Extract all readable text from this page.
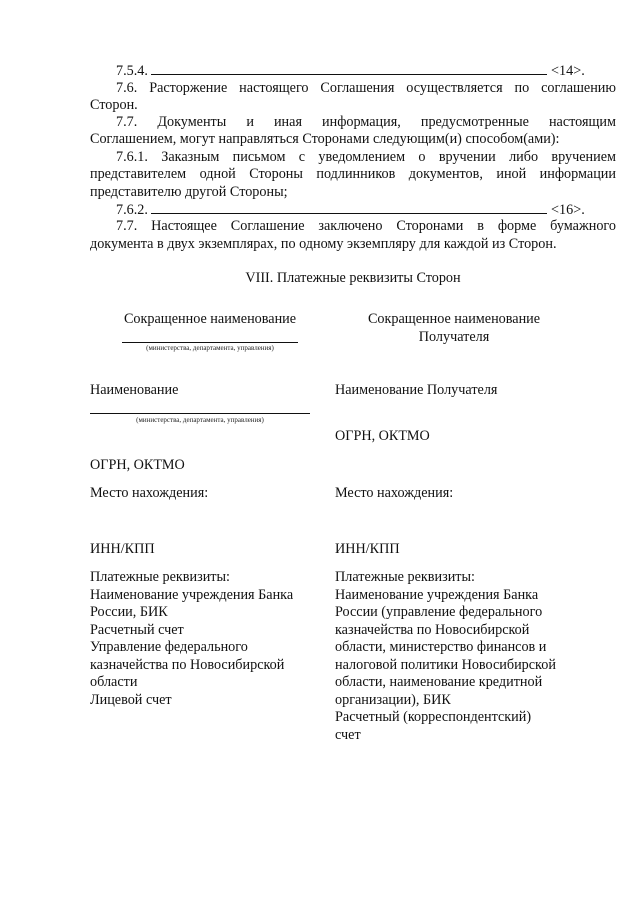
7.5.4.	<14>.
7.6. Расторжение настоящего Соглашения осуществляется по соглашению
Сторон.
7.7. Документы и иная информация, предусмотренные настоящим
Соглашением, могут направляться Сторонами следующим(и) способом(ами):
7.6.1. Заказным письмом с уведомлением о вручении либо вручением
представителем одной Стороны подлинников документов, иной информации
представителю другой Стороны;
7.6.2.	<16>.
7.7. Настоящее Соглашение заключено Сторонами в форме бумажного
документа в двух экземплярах, по одному экземпляру для каждой из Сторон.
VIII. Платежные реквизиты Сторон
Сокращенное наименование
(министерства, департамента, управления)
Наименование
(министерства, департамента, управления)
ОГРН, ОКТМО
Место нахождения:
ИНН/КПП
Платежные реквизиты:
Наименование учреждения Банка
России, БИК
Расчетный счет
Управление федерального
казначейства по Новосибирской
области
Лицевой счет
Сокращенное наименование
Получателя
Наименование Получателя
ОГРН, ОКТМО
Место нахождения:
ИНН/КПП
Платежные реквизиты:
Наименование учреждения Банка
России (управление федерального
казначейства по Новосибирской
области, министерство финансов и
налоговой политики Новосибирской
области, наименование кредитной
организации), БИК
Расчетный (корреспондентский)
счет
